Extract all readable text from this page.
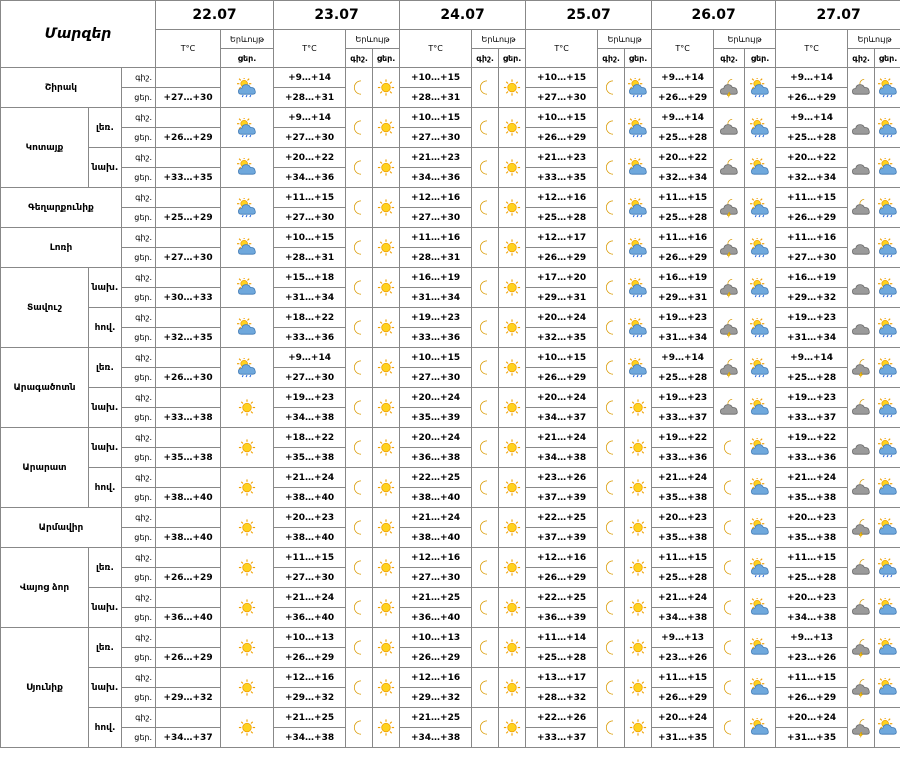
Մարզեր			22.07		23.07			24.07			25.07			26.07			27.07		
			T°C	Երևույթ	T°C	Երևույթ		T°C	Երևույթ		T°C	Երևույթ		T°C	Երևույթ		T°C	Երևույթ	
				ցեր.		գիշ.	ցեր.		գիշ.	ցեր.		գիշ.	ցեր.		գիշ.	ցեր.		գիշ.	ցեր.
Շիրակ		գիշ.			+9…+14			+10…+15			+10…+15			+9…+14			+9…+14		
		ցեր.	+27…+30		+28…+31			+28…+31			+27…+30			+26…+29			+26…+29		
Կոտայք	լեռ.	գիշ.			+9…+14			+10…+15			+10…+15			+9…+14			+9…+14		
		ցեր.	+26…+29		+27…+30			+27…+30			+26…+29			+25…+28			+25…+28		
	նախ.	գիշ.			+20…+22			+21…+23			+21…+23			+20…+22			+20…+22		
		ցեր.	+33…+35		+34…+36			+34…+36			+33…+35			+32…+34			+32…+34		
Գեղարքունիք		գիշ.			+11…+15			+12…+16			+12…+16			+11…+15			+11…+15		
		ցեր.	+25…+29		+27…+30			+27…+30			+25…+28			+25…+28			+26…+29		
Լոռի		գիշ.			+10…+15			+11…+16			+12…+17			+11…+16			+11…+16		
		ցեր.	+27…+30		+28…+31			+28…+31			+26…+29			+26…+29			+27…+30		
Տավուշ	նախ.	գիշ.			+15…+18			+16…+19			+17…+20			+16…+19			+16…+19		
		ցեր.	+30…+33		+31…+34			+31…+34			+29…+31			+29…+31			+29…+32		
	հով.	գիշ.			+18…+22			+19…+23			+20…+24			+19…+23			+19…+23		
		ցեր.	+32…+35		+33…+36			+33…+36			+32…+35			+31…+34			+31…+34		
Արագածոտն	լեռ.	գիշ.			+9…+14			+10…+15			+10…+15			+9…+14			+9…+14		
		ցեր.	+26…+30		+27…+30			+27…+30			+26…+29			+25…+28			+25…+28		
	նախ.	գիշ.			+19…+23			+20…+24			+20…+24			+19…+23			+19…+23		
		ցեր.	+33…+38		+34…+38			+35…+39			+34…+37			+33…+37			+33…+37		
Արարատ	նախ.	գիշ.			+18…+22			+20…+24			+21…+24			+19…+22			+19…+22		
		ցեր.	+35…+38		+35…+38			+36…+38			+34…+38			+33…+36			+33…+36		
	հով.	գիշ.			+21…+24			+22…+25			+23…+26			+21…+24			+21…+24		
		ցեր.	+38…+40		+38…+40			+38…+40			+37…+39			+35…+38			+35…+38		
Արմավիր		գիշ.			+20…+23			+21…+24			+22…+25			+20…+23			+20…+23		
		ցեր.	+38…+40		+38…+40			+38…+40			+37…+39			+35…+38			+35…+38		
Վայոց ձոր	լեռ.	գիշ.			+11…+15			+12…+16			+12…+16			+11…+15			+11…+15		
		ցեր.	+26…+29		+27…+30			+27…+30			+26…+29			+25…+28			+25…+28		
	նախ.	գիշ.			+21…+24			+21…+25			+22…+25			+21…+24			+20…+23		
		ցեր.	+36…+40		+36…+40			+36…+40			+36…+39			+34…+38			+34…+38		
Սյունիք	լեռ.	գիշ.			+10…+13			+10…+13			+11…+14			+9…+13			+9…+13		
		ցեր.	+26…+29		+26…+29			+26…+29			+25…+28			+23…+26			+23…+26		
	նախ.	գիշ.			+12…+16			+12…+16			+13…+17			+11…+15			+11…+15		
		ցեր.	+29…+32		+29…+32			+29…+32			+28…+32			+26…+29			+26…+29		
	հով.	գիշ.			+21…+25			+21…+25			+22…+26			+20…+24			+20…+24		
		ցեր.	+34…+37		+34…+38			+34…+38			+33…+37			+31…+35			+31…+35		
